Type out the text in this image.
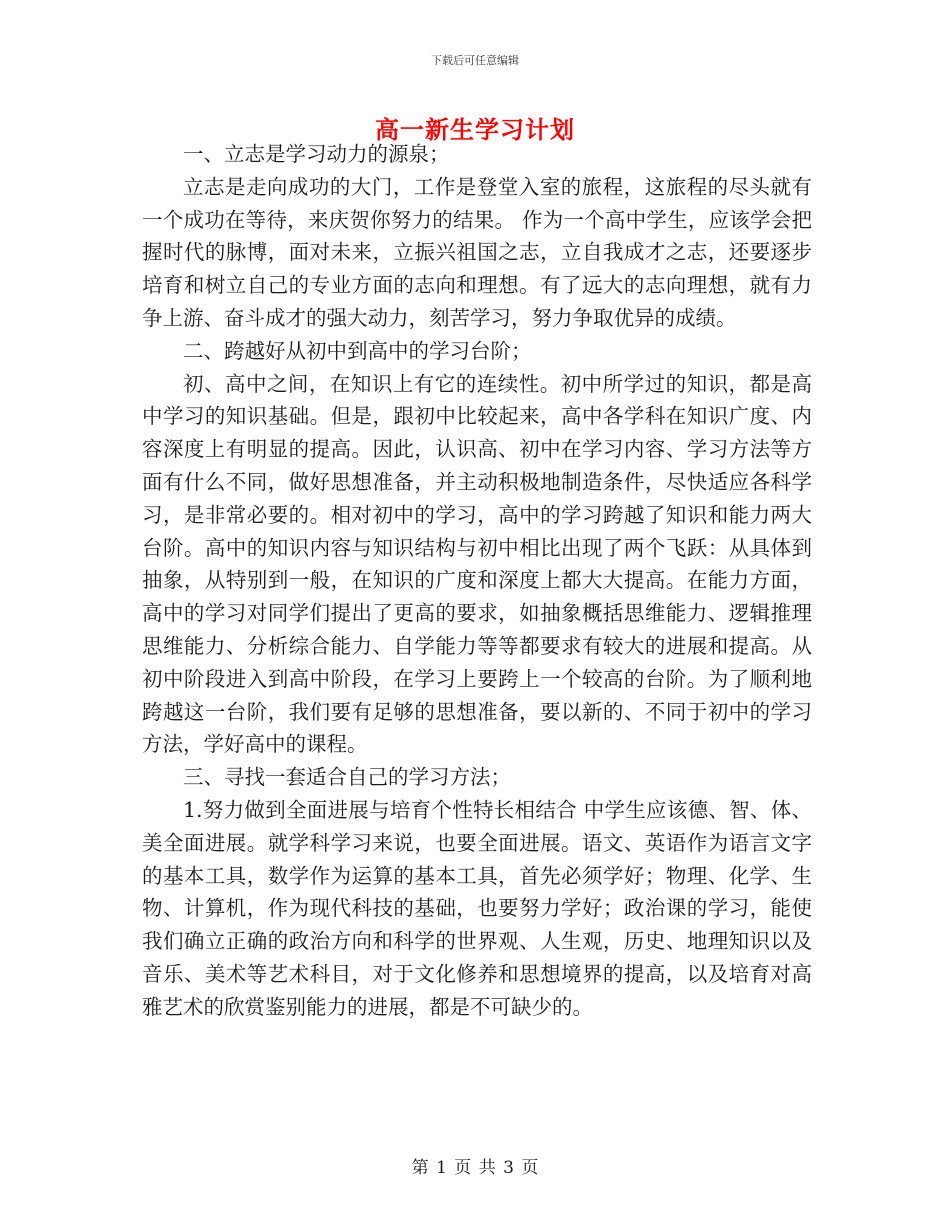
下载后可任意编辑
高一新生学习计划

一、立志是学习动力的源泉；

立志是走向成功的大门，工作是登堂入室的旅程，这旅程的尽头就有一个成功在等待，来庆贺你努力的结果。 作为一个高中学生，应该学会把握时代的脉博，面对未来，立振兴祖国之志，立自我成才之志，还要逐步培育和树立自己的专业方面的志向和理想。有了远大的志向理想，就有力争上游、奋斗成才的强大动力，刻苦学习，努力争取优异的成绩。

二、跨越好从初中到高中的学习台阶；

初、高中之间，在知识上有它的连续性。初中所学过的知识，都是高中学习的知识基础。但是，跟初中比较起来，高中各学科在知识广度、内容深度上有明显的提高。因此，认识高、初中在学习内容、学习方法等方面有什么不同，做好思想准备，并主动积极地制造条件，尽快适应各科学习，是非常必要的。相对初中的学习，高中的学习跨越了知识和能力两大台阶。高中的知识内容与知识结构与初中相比出现了两个飞跃：从具体到抽象，从特别到一般，在知识的广度和深度上都大大提高。在能力方面，高中的学习对同学们提出了更高的要求，如抽象概括思维能力、逻辑推理思维能力、分析综合能力、自学能力等等都要求有较大的进展和提高。从初中阶段进入到高中阶段，在学习上要跨上一个较高的台阶。为了顺利地跨越这一台阶，我们要有足够的思想准备，要以新的、不同于初中的学习方法，学好高中的课程。

三、寻找一套适合自己的学习方法；

1.努力做到全面进展与培育个性特长相结合 中学生应该德、智、体、美全面进展。就学科学习来说，也要全面进展。语文、英语作为语言文字的基本工具，数学作为运算的基本工具，首先必须学好；物理、化学、生物、计算机，作为现代科技的基础，也要努力学好；政治课的学习，能使我们确立正确的政治方向和科学的世界观、人生观，历史、地理知识以及音乐、美术等艺术科目，对于文化修养和思想境界的提高，以及培育对高雅艺术的欣赏鉴别能力的进展，都是不可缺少的。

第 1 页 共 3 页
